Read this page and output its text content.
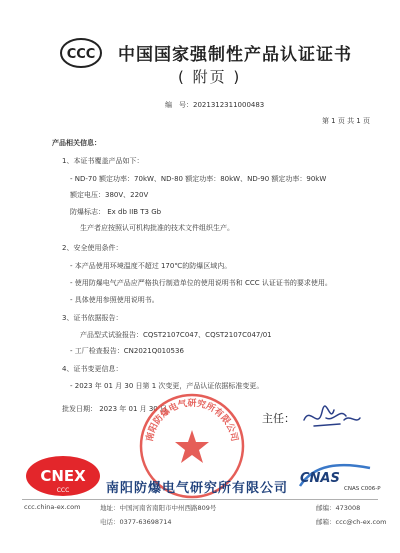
CCC 中国国家强制性产品认证证书
( 附页 )
编　号：2021312311000483
第 1 页 共 1 页
产品相关信息：
1、本证书覆盖产品如下：
- ND-70 额定功率：70kW、ND-80 额定功率：80kW、ND-90 额定功率：90kW
额定电压：380V、220V
防爆标志： Ex db IIB T3 Gb
生产者应按照认可机构批准的技术文件组织生产。
2、安全使用条件：
- 本产品使用环境温度不超过 170℃的防爆区域内。
- 使用防爆电气产品应严格执行制造单位的使用说明书和 CCC 认证证书的要求使用。
- 具体使用参照使用说明书。
3、证书依据报告：
产品型式试验报告：CQST2107C047、CQST2107C047/01
- 工厂检查报告：CN2021Q010536
4、证书变更信息：
- 2023 年 01 月 30 日第 1 次变更，产品认证依据标准变更。
批发日期： 2023 年 01 月 30 日
主任：
南阳防爆电气研究所有限公司
CNEX
CCC	南阳防爆电气研究所有限公司
CNAS
CNAS C006-P
ccc.china-ex.com	地址：中国河南省南阳市中州西路809号	邮编：473008
电话：0377-63698714	邮箱：ccc@ch-ex.com
